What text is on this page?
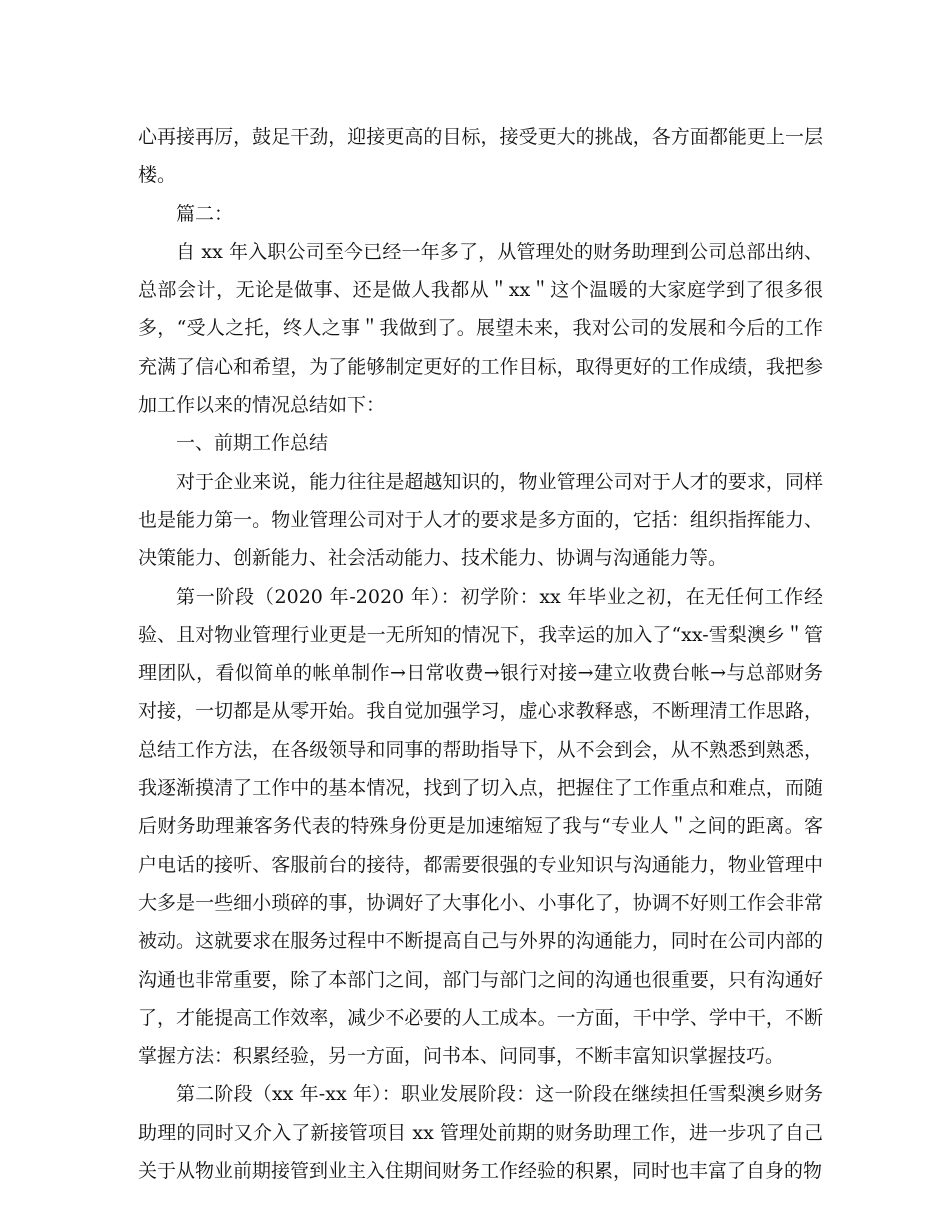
心再接再厉，鼓足干劲，迎接更高的目标，接受更大的挑战，各方面都能更上一层楼。

篇二：

自 xx 年入职公司至今已经一年多了，从管理处的财务助理到公司总部出纳、总部会计，无论是做事、还是做人我都从＂xx＂这个温暖的大家庭学到了很多很多，“受人之托，终人之事＂我做到了。展望未来，我对公司的发展和今后的工作充满了信心和希望，为了能够制定更好的工作目标，取得更好的工作成绩，我把参加工作以来的情况总结如下：

一、前期工作总结

对于企业来说，能力往往是超越知识的，物业管理公司对于人才的要求，同样也是能力第一。物业管理公司对于人才的要求是多方面的，它括：组织指挥能力、决策能力、创新能力、社会活动能力、技术能力、协调与沟通能力等。

第一阶段（2020 年-2020 年）：初学阶：xx 年毕业之初，在无任何工作经验、且对物业管理行业更是一无所知的情况下，我幸运的加入了“xx-雪梨澳乡＂管理团队，看似简单的帐单制作→日常收费→银行对接→建立收费台帐→与总部财务对接，一切都是从零开始。我自觉加强学习，虚心求教释惑，不断理清工作思路，总结工作方法，在各级领导和同事的帮助指导下，从不会到会，从不熟悉到熟悉，我逐渐摸清了工作中的基本情况，找到了切入点，把握住了工作重点和难点，而随后财务助理兼客务代表的特殊身份更是加速缩短了我与“专业人＂之间的距离。客户电话的接听、客服前台的接待，都需要很强的专业知识与沟通能力，物业管理中大多是一些细小琐碎的事，协调好了大事化小、小事化了，协调不好则工作会非常被动。这就要求在服务过程中不断提高自己与外界的沟通能力，同时在公司内部的沟通也非常重要，除了本部门之间，部门与部门之间的沟通也很重要，只有沟通好了，才能提高工作效率，减少不必要的人工成本。一方面，干中学、学中干，不断掌握方法：积累经验，另一方面，问书本、问同事，不断丰富知识掌握技巧。

第二阶段（xx 年-xx 年）：职业发展阶段：这一阶段在继续担任雪梨澳乡财务助理的同时又介入了新接管项目 xx 管理处前期的财务助理工作，进一步巩了自己关于从物业前期接管到业主入住期间财务工作经验的积累，同时也丰富了自身的物
